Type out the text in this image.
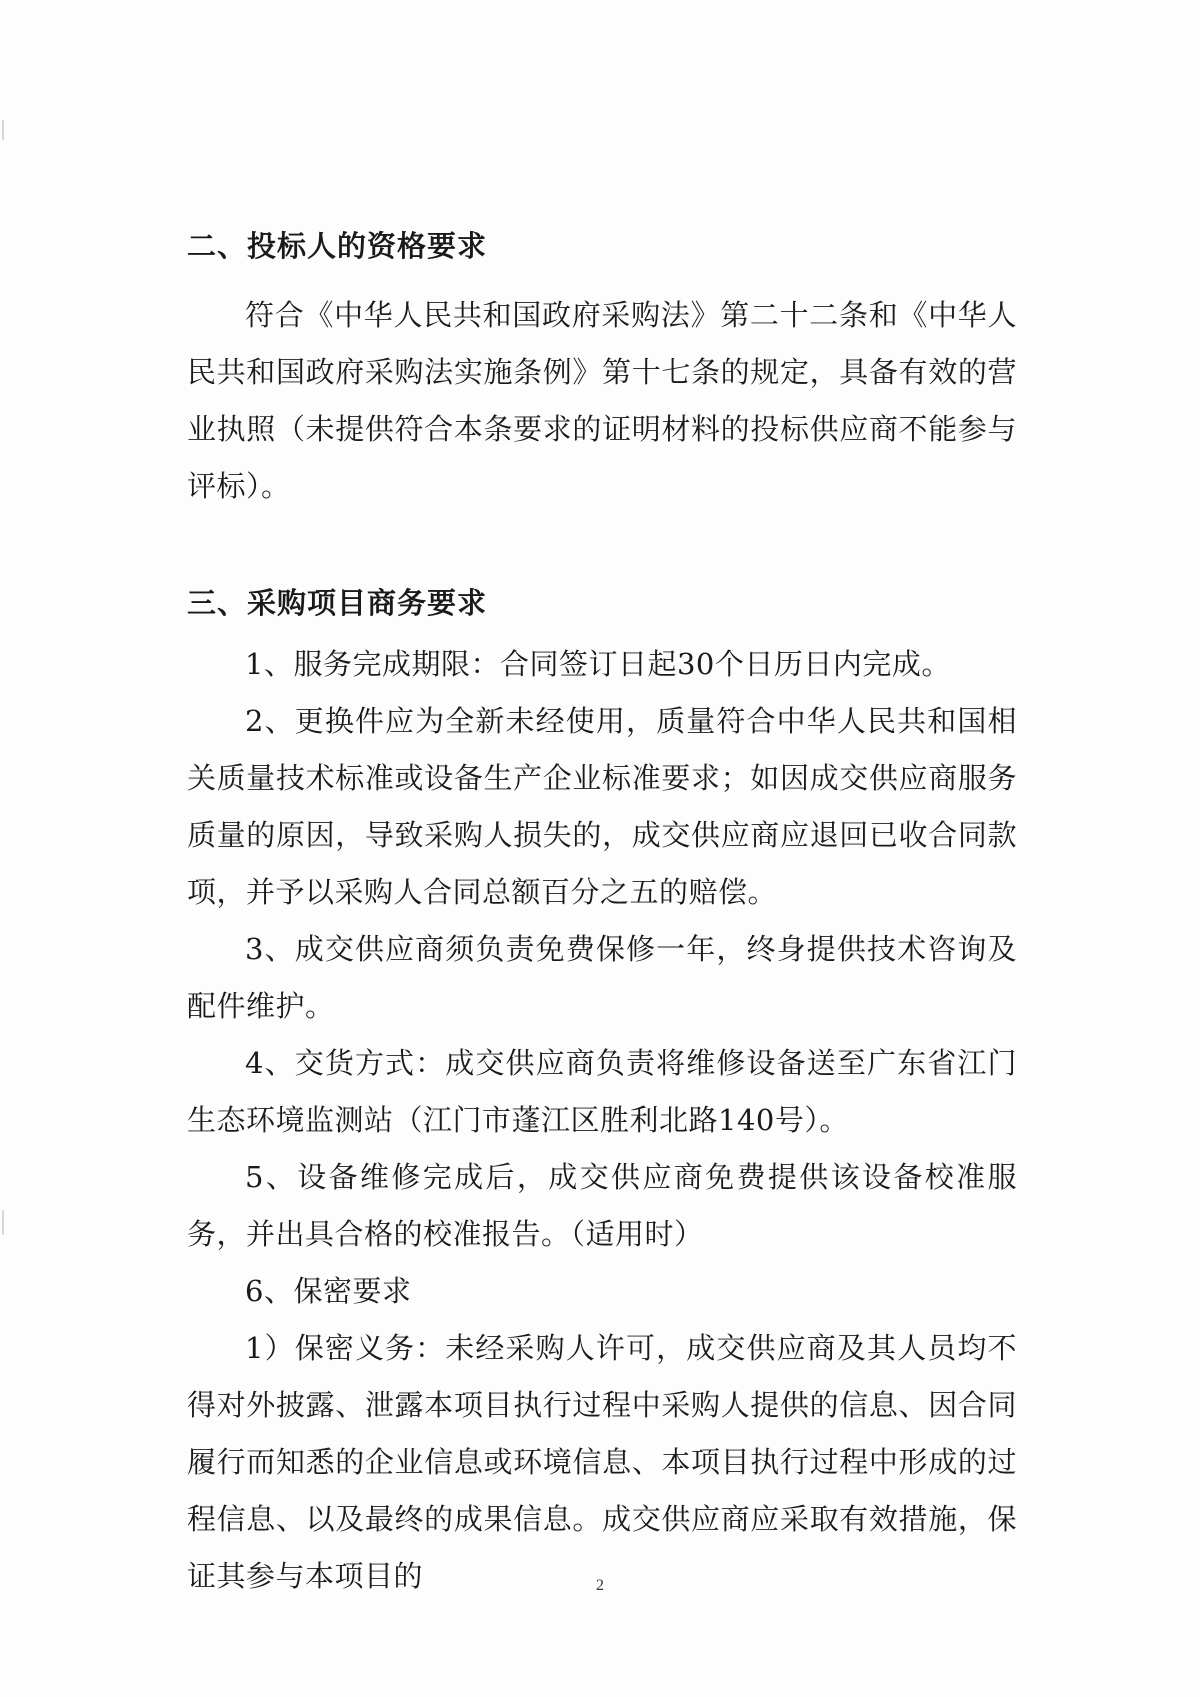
二、投标人的资格要求

符合《中华人民共和国政府采购法》第二十二条和《中华人民共和国政府采购法实施条例》第十七条的规定，具备有效的营业执照（未提供符合本条要求的证明材料的投标供应商不能参与评标）。

三、采购项目商务要求

1、服务完成期限：合同签订日起30个日历日内完成。

2、更换件应为全新未经使用，质量符合中华人民共和国相关质量技术标准或设备生产企业标准要求；如因成交供应商服务质量的原因，导致采购人损失的，成交供应商应退回已收合同款项，并予以采购人合同总额百分之五的赔偿。

3、成交供应商须负责免费保修一年，终身提供技术咨询及配件维护。

4、交货方式：成交供应商负责将维修设备送至广东省江门生态环境监测站（江门市蓬江区胜利北路140号）。

5、设备维修完成后，成交供应商免费提供该设备校准服务，并出具合格的校准报告。（适用时）

6、保密要求

1）保密义务：未经采购人许可，成交供应商及其人员均不得对外披露、泄露本项目执行过程中采购人提供的信息、因合同履行而知悉的企业信息或环境信息、本项目执行过程中形成的过程信息、以及最终的成果信息。成交供应商应采取有效措施，保证其参与本项目的	2
